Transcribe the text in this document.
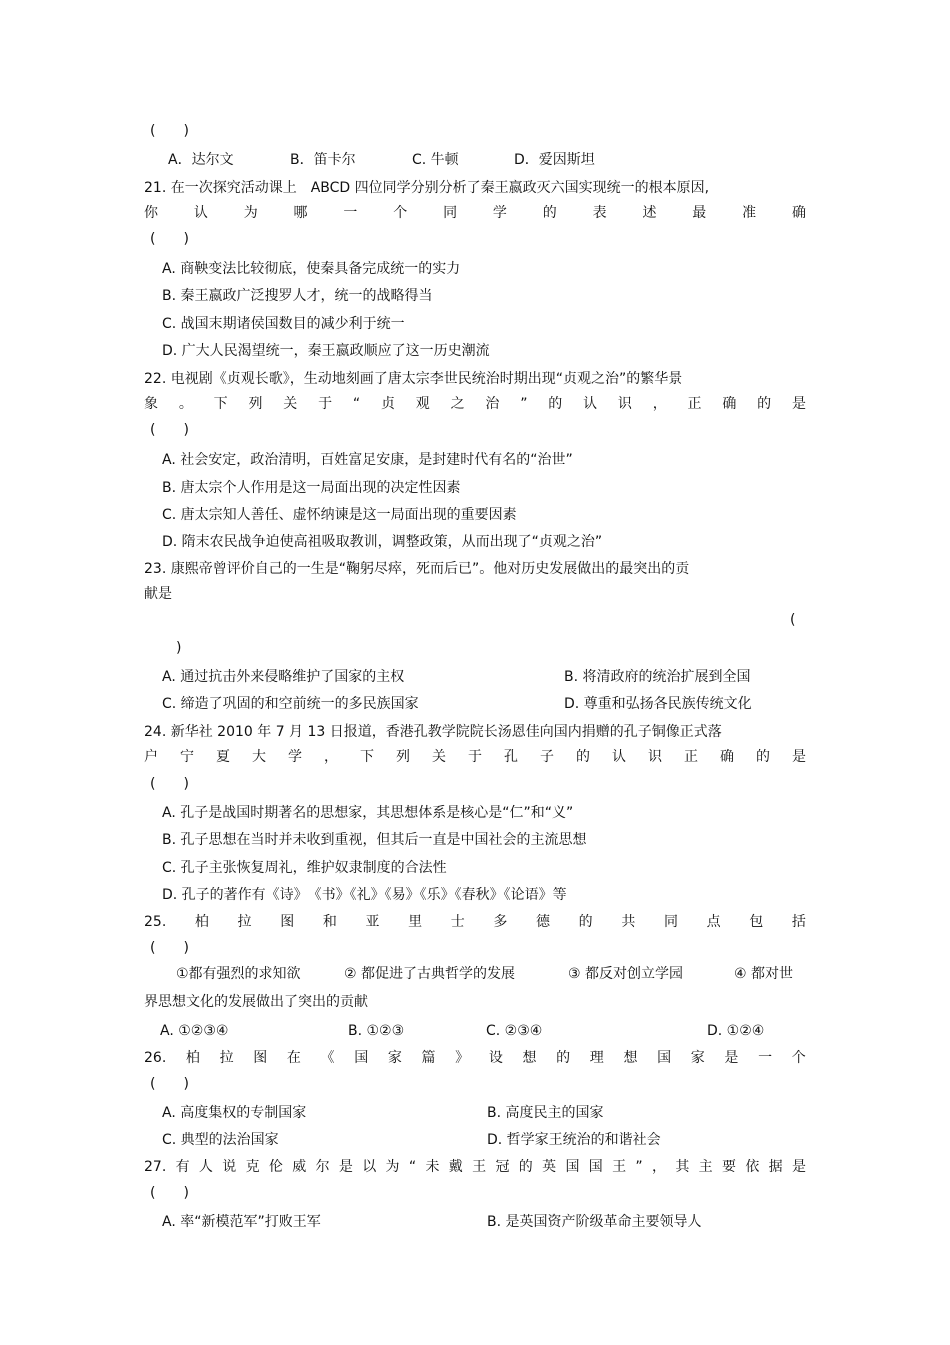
(　　)
A．达尔文	B．笛卡尔	C. 牛顿	D．爱因斯坦
21. 在一次探究活动课上　ABCD 四位同学分别分析了秦王嬴政灭六国实现统一的根本原因,
你	认	为	哪	一	个	同	学	的	表	述	最	准	确
(　　)
A. 商鞅变法比较彻底，使秦具备完成统一的实力
B. 秦王嬴政广泛搜罗人才，统一的战略得当
C. 战国末期诸侯国数目的减少利于统一
D. 广大人民渴望统一，秦王嬴政顺应了这一历史潮流
22. 电视剧《贞观长歌》，生动地刻画了唐太宗李世民统治时期出现“贞观之治”的繁华景
象 。 下 列 关 于 “ 贞 观 之 治 ” 的 认 识 ， 正 确 的 是
(　　)
A. 社会安定，政治清明，百姓富足安康，是封建时代有名的“治世”
B. 唐太宗个人作用是这一局面出现的决定性因素
C. 唐太宗知人善任、虚怀纳谏是这一局面出现的重要因素
D. 隋末农民战争迫使高祖吸取教训，调整政策，从而出现了“贞观之治”
23. 康熙帝曾评价自己的一生是“鞠躬尽瘁，死而后已”。他对历史发展做出的最突出的贡
献是
(
)
A. 通过抗击外来侵略维护了国家的主权	B. 将清政府的统治扩展到全国
C. 缔造了巩固的和空前统一的多民族国家	D. 尊重和弘扬各民族传统文化
24. 新华社 2010 年 7 月 13 日报道，香港孔教学院院长汤恩佳向国内捐赠的孔子铜像正式落
户 宁 夏 大 学 ， 下 列 关 于 孔 子 的 认 识 正 确 的 是
(　　)
A. 孔子是战国时期著名的思想家，其思想体系是核心是“仁”和“义”
B. 孔子思想在当时并未收到重视，但其后一直是中国社会的主流思想
C. 孔子主张恢复周礼，维护奴隶制度的合法性
D. 孔子的著作有《诗》　《书》《礼》《易》《乐》《春秋》《论语》等
25. 柏 拉 图 和 亚 里 士 多 德 的 共 同 点 包 括
(　　)
①都有强烈的求知欲	② 都促进了古典哲学的发展	③ 都反对创立学园	④ 都对世
界思想文化的发展做出了突出的贡献
A. ①②③④	B. ①②③	C. ②③④	D. ①②④
26. 柏 拉 图 在 《 国 家 篇 》 设 想 的 理 想 国 家 是 一 个
(　　)
A. 高度集权的专制国家	B. 高度民主的国家
C. 典型的法治国家	D. 哲学家王统治的和谐社会
27. 有 人 说 克 伦 威 尔 是 以 为 “ 未 戴 王 冠 的 英 国 国 王 ” ， 其 主 要 依 据 是
(　　)
A. 率“新模范军”打败王军	B. 是英国资产阶级革命主要领导人
